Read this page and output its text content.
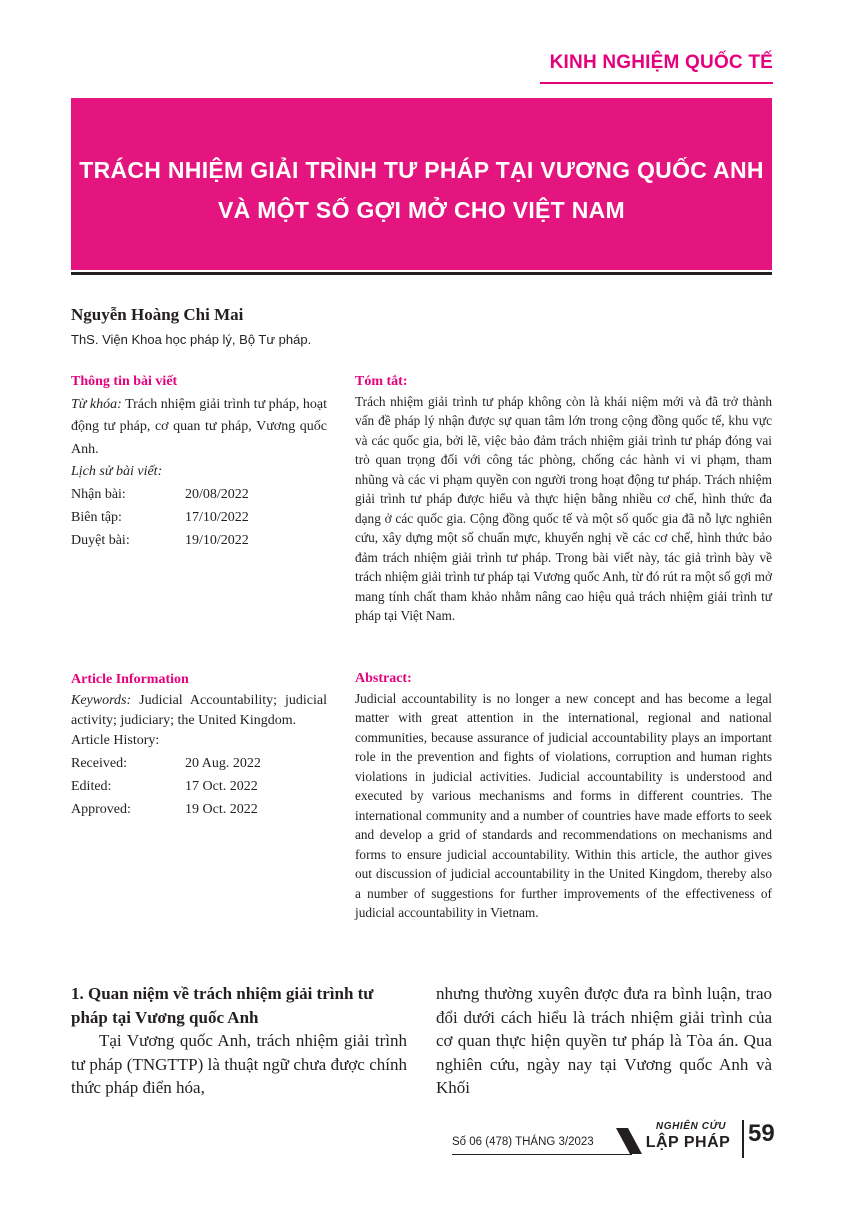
KINH NGHIỆM QUỐC TẾ
TRÁCH NHIỆM GIẢI TRÌNH TƯ PHÁP TẠI VƯƠNG QUỐC ANH
VÀ MỘT SỐ GỢI MỞ CHO VIỆT NAM
Nguyễn Hoàng Chi Mai
ThS. Viện Khoa học pháp lý, Bộ Tư pháp.

Thông tin bài viết

Từ khóa: Trách nhiệm giải trình tư pháp, hoạt động tư pháp, cơ quan tư pháp, Vương quốc Anh.

Lịch sử bài viết:

Nhận bài:	20/08/2022
Biên tập:	17/10/2022
Duyệt bài:	19/10/2022

Tóm tắt:

Trách nhiệm giải trình tư pháp không còn là khái niệm mới và đã trở thành vấn đề pháp lý nhận được sự quan tâm lớn trong cộng đồng quốc tế, khu vực và các quốc gia, bởi lẽ, việc bảo đảm trách nhiệm giải trình tư pháp đóng vai trò quan trọng đối với công tác phòng, chống các hành vi vi phạm, tham nhũng và các vi phạm quyền con người trong hoạt động tư pháp. Trách nhiệm giải trình tư pháp được hiểu và thực hiện bằng nhiều cơ chế, hình thức đa dạng ở các quốc gia. Cộng đồng quốc tế và một số quốc gia đã nỗ lực nghiên cứu, xây dựng một số chuẩn mực, khuyến nghị về các cơ chế, hình thức bảo đảm trách nhiệm giải trình tư pháp. Trong bài viết này, tác giả trình bày về trách nhiệm giải trình tư pháp tại Vương quốc Anh, từ đó rút ra một số gợi mở mang tính chất tham khảo nhằm nâng cao hiệu quả trách nhiệm giải trình tư pháp tại Việt Nam.

Article Information

Keywords: Judicial Accountability; judicial activity; judiciary; the United Kingdom.

Article History:

Received:	20 Aug. 2022
Edited:	17 Oct. 2022
Approved:	19 Oct. 2022

Abstract:

Judicial accountability is no longer a new concept and has become a legal matter with great attention in the international, regional and national communities, because assurance of judicial accountability plays an important role in the prevention and fights of violations, corruption and human rights violations in judicial activities. Judicial accountability is understood and executed by various mechanisms and forms in different countries. The international community and a number of countries have made efforts to seek and develop a grid of standards and recommendations on mechanisms and forms to ensure judicial accountability. Within this article, the author gives out discussion of judicial accountability in the United Kingdom, thereby also a number of suggestions for further improvements of the effectiveness of judicial accountability in Vietnam.

1. Quan niệm về trách nhiệm giải trình tư pháp tại Vương quốc Anh

Tại Vương quốc Anh, trách nhiệm giải trình tư pháp (TNGTTP) là thuật ngữ chưa được chính thức pháp điển hóa,

nhưng thường xuyên được đưa ra bình luận, trao đổi dưới cách hiểu là trách nhiệm giải trình của cơ quan thực hiện quyền tư pháp là Tòa án. Qua nghiên cứu, ngày nay tại Vương quốc Anh và Khối

Số 06 (478) THÁNG 3/2023
NGHIÊN CỨU
LẬP PHÁP 59
